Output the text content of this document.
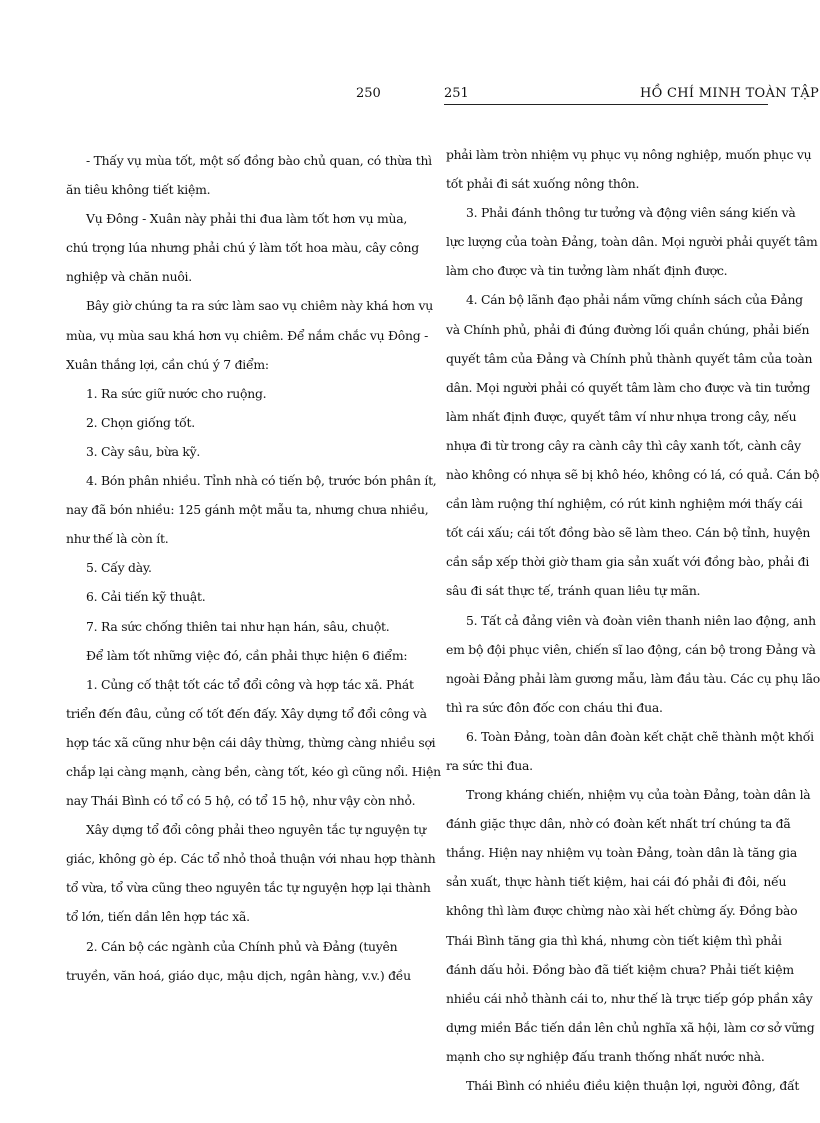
250
- Thấy vụ mùa tốt, một số đồng bào chủ quan, có thừa thì
ăn tiêu không tiết kiệm.
Vụ Đông - Xuân này phải thi đua làm tốt hơn vụ mùa,
chú trọng lúa nhưng phải chú ý làm tốt hoa màu, cây công
nghiệp và chăn nuôi.
Bây giờ chúng ta ra sức làm sao vụ chiêm này khá hơn vụ
mùa, vụ mùa sau khá hơn vụ chiêm. Để nắm chắc vụ Đông -
Xuân thắng lợi, cần chú ý 7 điểm:
1. Ra sức giữ nước cho ruộng.
2. Chọn giống tốt.
3. Cày sâu, bừa kỹ.
4. Bón phân nhiều. Tỉnh nhà có tiến bộ, trước bón phân ít,
nay đã bón nhiều: 125 gánh một mẫu ta, nhưng chưa nhiều,
như thế là còn ít.
5. Cấy dày.
6. Cải tiến kỹ thuật.
7. Ra sức chống thiên tai như hạn hán, sâu, chuột.
Để làm tốt những việc đó, cần phải thực hiện 6 điểm:
1. Củng cố thật tốt các tổ đổi công và hợp tác xã. Phát
triển đến đâu, củng cố tốt đến đấy. Xây dựng tổ đổi công và
hợp tác xã cũng như bện cái dây thừng, thừng càng nhiều sợi
chắp lại càng mạnh, càng bền, càng tốt, kéo gì cũng nổi. Hiện
nay Thái Bình có tổ có 5 hộ, có tổ 15 hộ, như vậy còn nhỏ.
Xây dựng tổ đổi công phải theo nguyên tắc tự nguyện tự
giác, không gò ép. Các tổ nhỏ thoả thuận với nhau hợp thành
tổ vừa, tổ vừa cũng theo nguyên tắc tự nguyện hợp lại thành
tổ lớn, tiến dần lên hợp tác xã.
2. Cán bộ các ngành của Chính phủ và Đảng (tuyên
truyền, văn hoá, giáo dục, mậu dịch, ngân hàng, v.v.) đều
251	HỒ CHÍ MINH TOÀN TẬP
phải làm tròn nhiệm vụ phục vụ nông nghiệp, muốn phục vụ
tốt phải đi sát xuống nông thôn.
3. Phải đánh thông tư tưởng và động viên sáng kiến và
lực lượng của toàn Đảng, toàn dân. Mọi người phải quyết tâm
làm cho được và tin tưởng làm nhất định được.
4. Cán bộ lãnh đạo phải nắm vững chính sách của Đảng
và Chính phủ, phải đi đúng đường lối quần chúng, phải biến
quyết tâm của Đảng và Chính phủ thành quyết tâm của toàn
dân. Mọi người phải có quyết tâm làm cho được và tin tưởng
làm nhất định được, quyết tâm ví như nhựa trong cây, nếu
nhựa đi từ trong cây ra cành cây thì cây xanh tốt, cành cây
nào không có nhựa sẽ bị khô héo, không có lá, có quả. Cán bộ
cần làm ruộng thí nghiệm, có rút kinh nghiệm mới thấy cái
tốt cái xấu; cái tốt đồng bào sẽ làm theo. Cán bộ tỉnh, huyện
cần sắp xếp thời giờ tham gia sản xuất với đồng bào, phải đi
sâu đi sát thực tế, tránh quan liêu tự mãn.
5. Tất cả đảng viên và đoàn viên thanh niên lao động, anh
em bộ đội phục viên, chiến sĩ lao động, cán bộ trong Đảng và
ngoài Đảng phải làm gương mẫu, làm đầu tàu. Các cụ phụ lão
thì ra sức đôn đốc con cháu thi đua.
6. Toàn Đảng, toàn dân đoàn kết chặt chẽ thành một khối
ra sức thi đua.
Trong kháng chiến, nhiệm vụ của toàn Đảng, toàn dân là
đánh giặc thực dân, nhờ có đoàn kết nhất trí chúng ta đã
thắng. Hiện nay nhiệm vụ toàn Đảng, toàn dân là tăng gia
sản xuất, thực hành tiết kiệm, hai cái đó phải đi đôi, nếu
không thì làm được chừng nào xài hết chừng ấy. Đồng bào
Thái Bình tăng gia thì khá, nhưng còn tiết kiệm thì phải
đánh dấu hỏi. Đồng bào đã tiết kiệm chưa? Phải tiết kiệm
nhiều cái nhỏ thành cái to, như thế là trực tiếp góp phần xây
dựng miền Bắc tiến dần lên chủ nghĩa xã hội, làm cơ sở vững
mạnh cho sự nghiệp đấu tranh thống nhất nước nhà.
Thái Bình có nhiều điều kiện thuận lợi, người đông, đất
